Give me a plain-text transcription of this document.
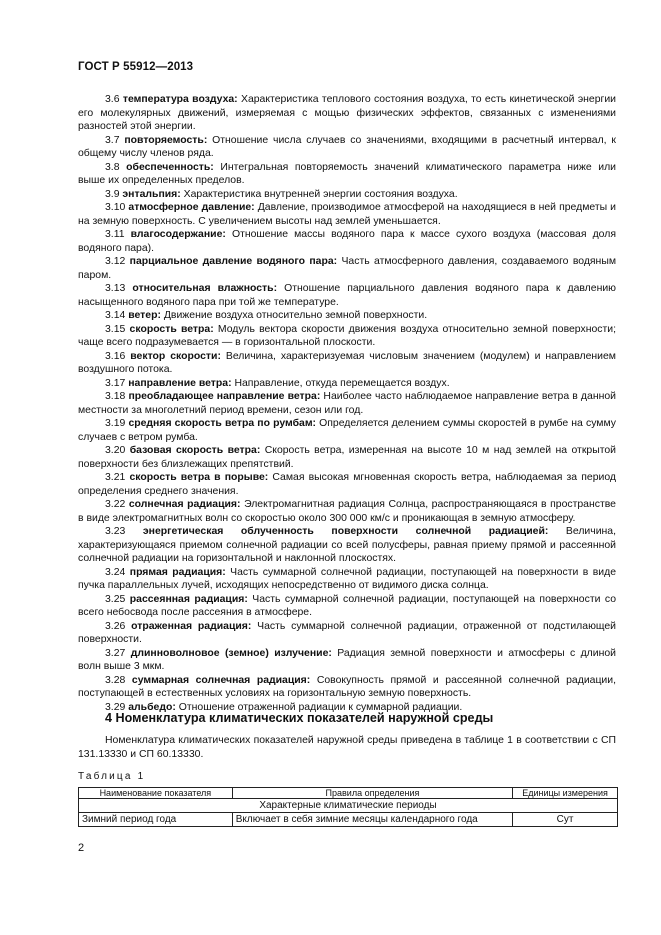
ГОСТ Р 55912—2013

3.6 температура воздуха: Характеристика теплового состояния воздуха, то есть кинетической энергии его молекулярных движений, измеряемая с мощью физических эффектов, связанных с изменениями разностей этой энергии.

3.7 повторяемость: Отношение числа случаев со значениями, входящими в расчетный интервал, к общему числу членов ряда.

3.8 обеспеченность: Интегральная повторяемость значений климатического параметра ниже или выше их определенных пределов.

3.9 энтальпия: Характеристика внутренней энергии состояния воздуха.

3.10 атмосферное давление: Давление, производимое атмосферой на находящиеся в ней предметы и на земную поверхность. С увеличением высоты над землей уменьшается.

3.11 влагосодержание: Отношение массы водяного пара к массе сухого воздуха (массовая доля водяного пара).

3.12 парциальное давление водяного пара: Часть атмосферного давления, создаваемого водяным паром.

3.13 относительная влажность: Отношение парциального давления водяного пара к давлению насыщенного водяного пара при той же температуре.

3.14 ветер: Движение воздуха относительно земной поверхности.

3.15 скорость ветра: Модуль вектора скорости движения воздуха относительно земной поверхности; чаще всего подразумевается — в горизонтальной плоскости.

3.16 вектор скорости: Величина, характеризуемая числовым значением (модулем) и направлением воздушного потока.

3.17 направление ветра: Направление, откуда перемещается воздух.

3.18 преобладающее направление ветра: Наиболее часто наблюдаемое направление ветра в данной местности за многолетний период времени, сезон или год.

3.19 средняя скорость ветра по румбам: Определяется делением суммы скоростей в румбе на сумму случаев с ветром румба.

3.20 базовая скорость ветра: Скорость ветра, измеренная на высоте 10 м над землей на открытой поверхности без близлежащих препятствий.

3.21 скорость ветра в порыве: Самая высокая мгновенная скорость ветра, наблюдаемая за период определения среднего значения.

3.22 солнечная радиация: Электромагнитная радиация Солнца, распространяющаяся в пространстве в виде электромагнитных волн со скоростью около 300 000 км/с и проникающая в земную атмосферу.

3.23 энергетическая облученность поверхности солнечной радиацией: Величина, характеризующаяся приемом солнечной радиации со всей полусферы, равная приему прямой и рассеянной солнечной радиации на горизонтальной и наклонной плоскостях.

3.24 прямая радиация: Часть суммарной солнечной радиации, поступающей на поверхности в виде пучка параллельных лучей, исходящих непосредственно от видимого диска солнца.

3.25 рассеянная радиация: Часть суммарной солнечной радиации, поступающей на поверхности со всего небосвода после рассеяния в атмосфере.

3.26 отраженная радиация: Часть суммарной солнечной радиации, отраженной от подстилающей поверхности.

3.27 длинноволновое (земное) излучение: Радиация земной поверхности и атмосферы с длиной волн выше 3 мкм.

3.28 суммарная солнечная радиация: Совокупность прямой и рассеянной солнечной радиации, поступающей в естественных условиях на горизонтальную земную поверхность.

3.29 альбедо: Отношение отраженной радиации к суммарной радиации.

4 Номенклатура климатических показателей наружной среды

Номенклатура климатических показателей наружной среды приведена в таблице 1 в соответствии с СП 131.13330 и СП 60.13330.

Таблица 1
Наименование показателя	Правила определения	Единицы измерения
Характерные климатические периоды		
Зимний период года	Включает в себя зимние месяцы календарного года	Сут
2
